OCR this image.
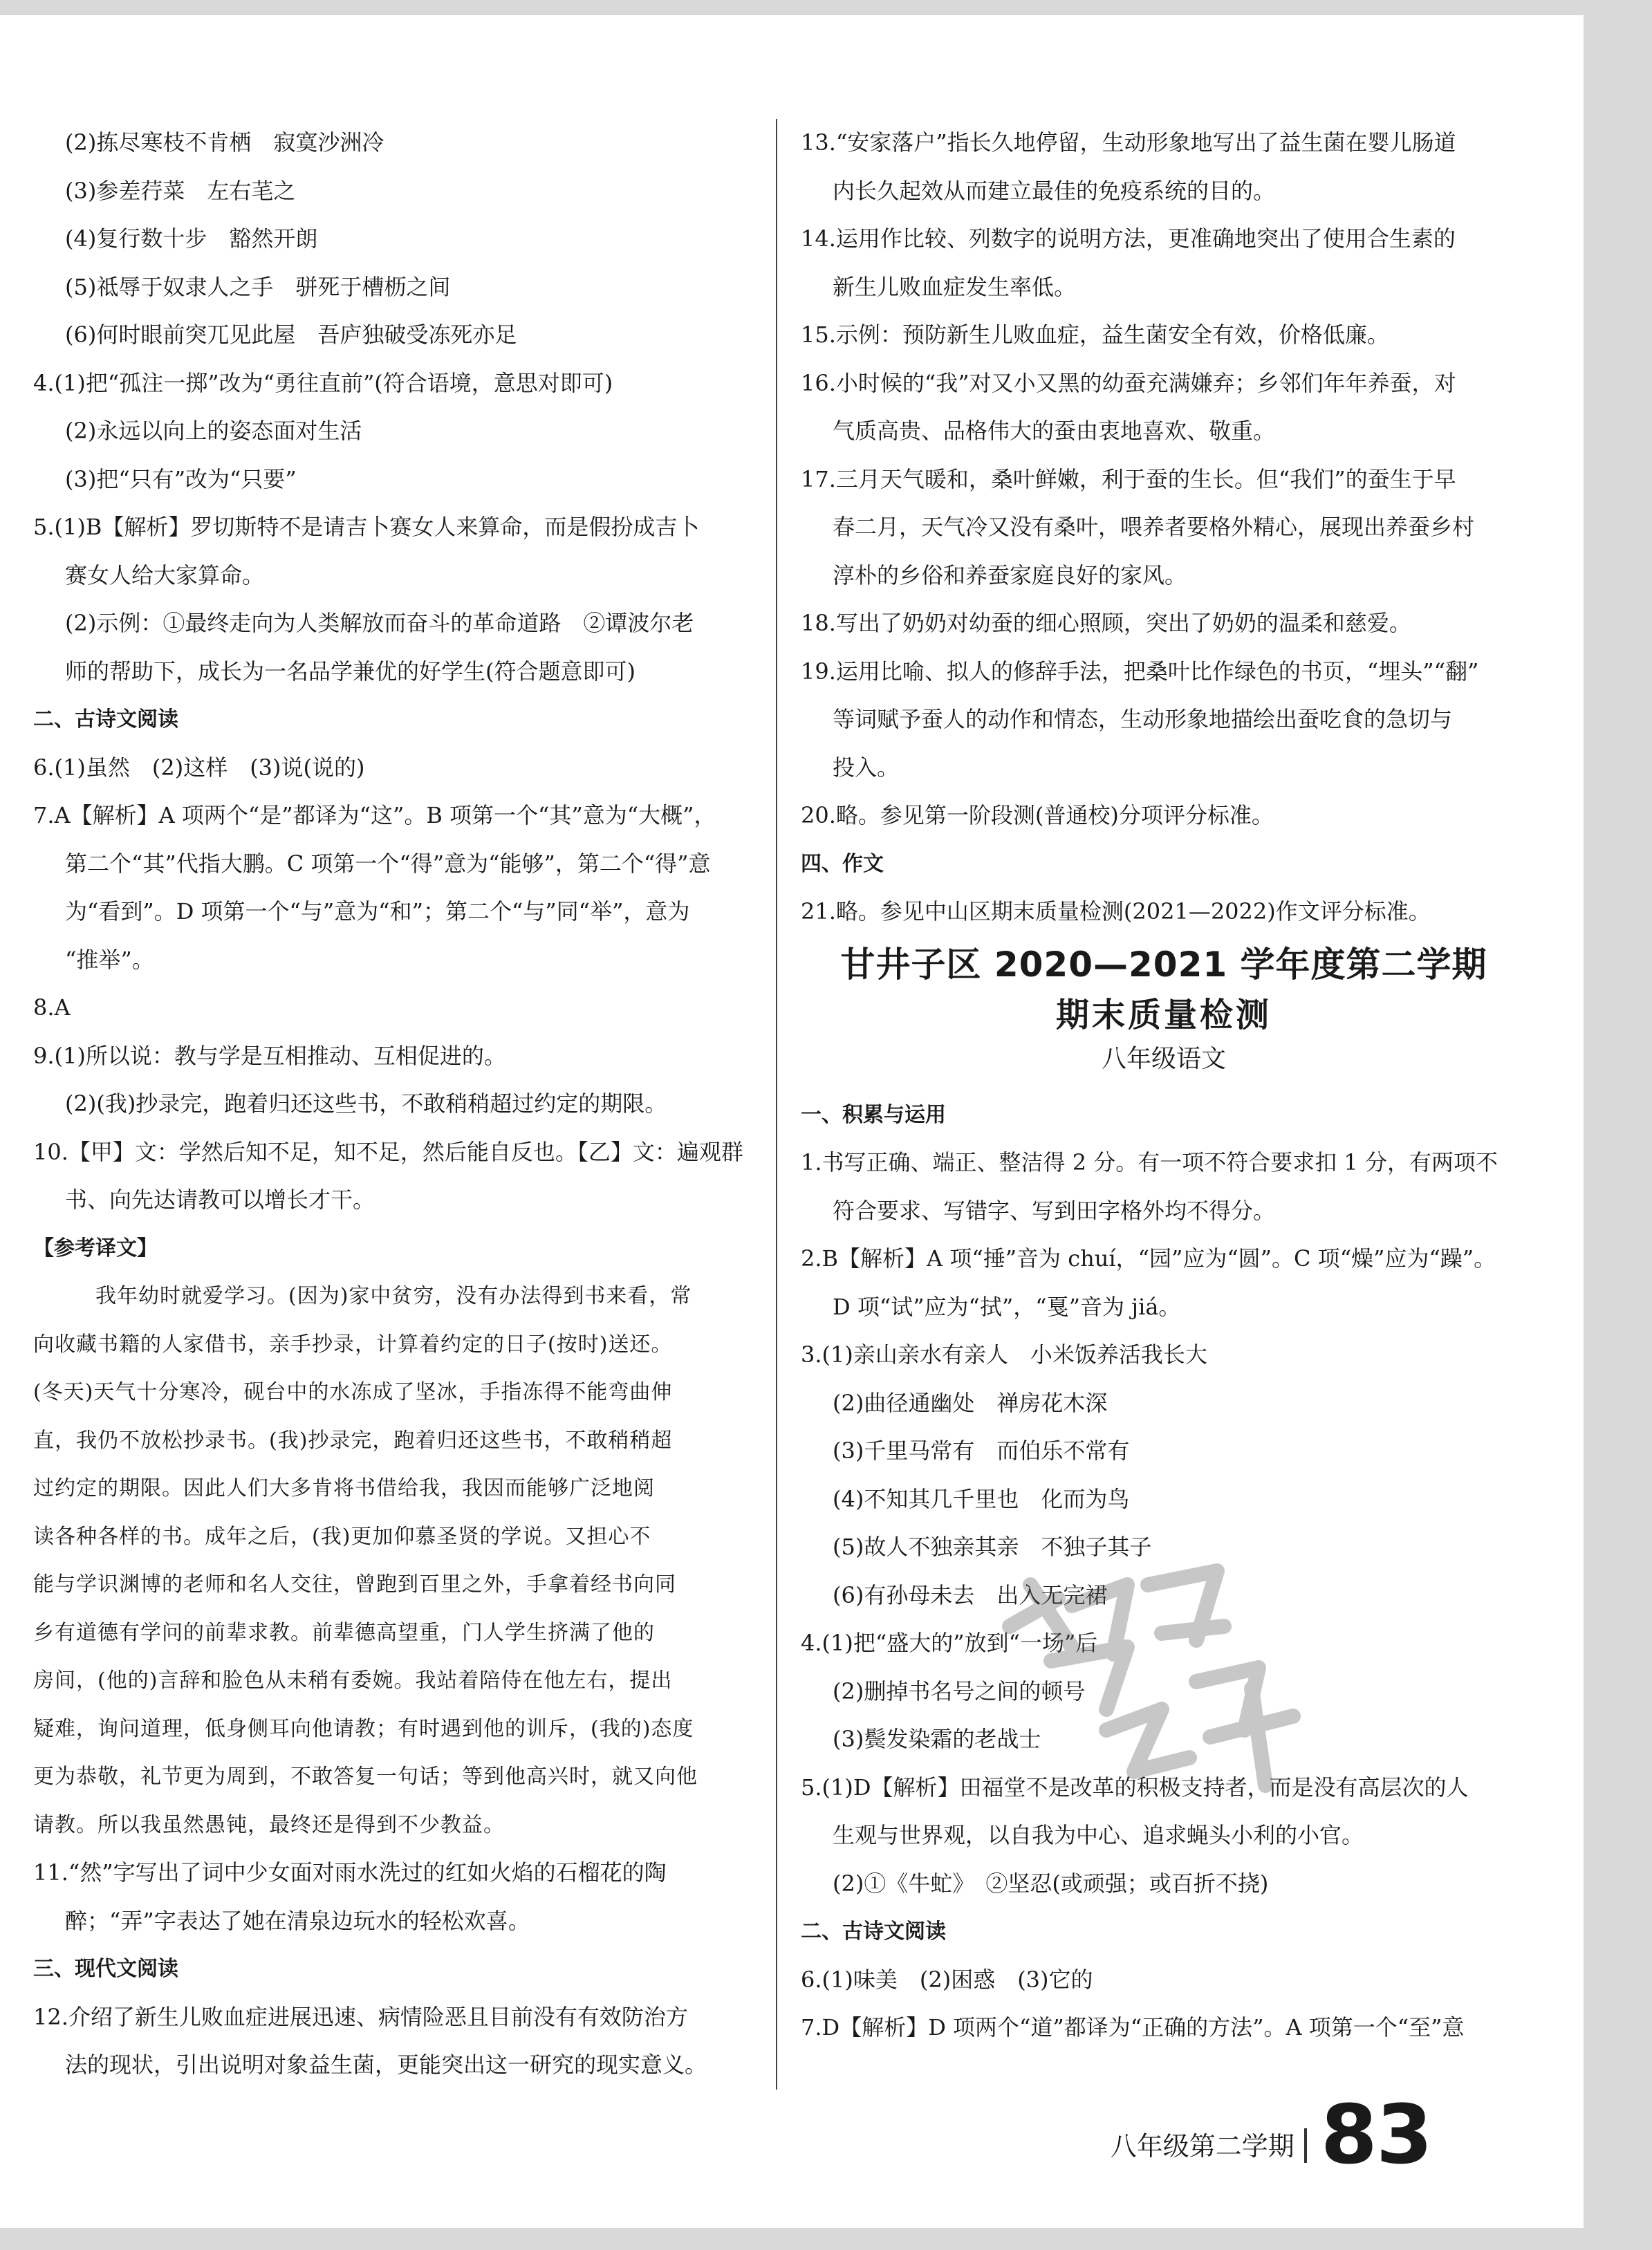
(2)拣尽寒枝不肯栖　寂寞沙洲冷
(3)参差荇菜　左右芼之
(4)复行数十步　豁然开朗
(5)祗辱于奴隶人之手　骈死于槽枥之间
(6)何时眼前突兀见此屋　吾庐独破受冻死亦足
4.(1)把“孤注一掷”改为“勇往直前”(符合语境，意思对即可)
(2)永远以向上的姿态面对生活
(3)把“只有”改为“只要”
5.(1)B【解析】罗切斯特不是请吉卜赛女人来算命，而是假扮成吉卜
赛女人给大家算命。
(2)示例：①最终走向为人类解放而奋斗的革命道路　②谭波尔老
师的帮助下，成长为一名品学兼优的好学生(符合题意即可)
二、古诗文阅读
6.(1)虽然　(2)这样　(3)说(说的)
7.A【解析】A 项两个“是”都译为“这”。B 项第一个“其”意为“大概”，
第二个“其”代指大鹏。C 项第一个“得”意为“能够”，第二个“得”意
为“看到”。D 项第一个“与”意为“和”；第二个“与”同“举”，意为
“推举”。
8.A
9.(1)所以说：教与学是互相推动、互相促进的。
(2)(我)抄录完，跑着归还这些书，不敢稍稍超过约定的期限。
10.【甲】文：学然后知不足，知不足，然后能自反也。【乙】文：遍观群
书、向先达请教可以增长才干。
【参考译文】
我年幼时就爱学习。(因为)家中贫穷，没有办法得到书来看，常
向收藏书籍的人家借书，亲手抄录，计算着约定的日子(按时)送还。
(冬天)天气十分寒冷，砚台中的水冻成了坚冰，手指冻得不能弯曲伸
直，我仍不放松抄录书。(我)抄录完，跑着归还这些书，不敢稍稍超
过约定的期限。因此人们大多肯将书借给我，我因而能够广泛地阅
读各种各样的书。成年之后，(我)更加仰慕圣贤的学说。又担心不
能与学识渊博的老师和名人交往，曾跑到百里之外，手拿着经书向同
乡有道德有学问的前辈求教。前辈德高望重，门人学生挤满了他的
房间，(他的)言辞和脸色从未稍有委婉。我站着陪侍在他左右，提出
疑难，询问道理，低身侧耳向他请教；有时遇到他的训斥，(我的)态度
更为恭敬，礼节更为周到，不敢答复一句话；等到他高兴时，就又向他
请教。所以我虽然愚钝，最终还是得到不少教益。
11.“然”字写出了词中少女面对雨水洗过的红如火焰的石榴花的陶
醉；“弄”字表达了她在清泉边玩水的轻松欢喜。
三、现代文阅读
12.介绍了新生儿败血症进展迅速、病情险恶且目前没有有效防治方
法的现状，引出说明对象益生菌，更能突出这一研究的现实意义。
13.“安家落户”指长久地停留，生动形象地写出了益生菌在婴儿肠道
内长久起效从而建立最佳的免疫系统的目的。
14.运用作比较、列数字的说明方法，更准确地突出了使用合生素的
新生儿败血症发生率低。
15.示例：预防新生儿败血症，益生菌安全有效，价格低廉。
16.小时候的“我”对又小又黑的幼蚕充满嫌弃；乡邻们年年养蚕，对
气质高贵、品格伟大的蚕由衷地喜欢、敬重。
17.三月天气暖和，桑叶鲜嫩，利于蚕的生长。但“我们”的蚕生于早
春二月，天气冷又没有桑叶，喂养者要格外精心，展现出养蚕乡村
淳朴的乡俗和养蚕家庭良好的家风。
18.写出了奶奶对幼蚕的细心照顾，突出了奶奶的温柔和慈爱。
19.运用比喻、拟人的修辞手法，把桑叶比作绿色的书页，“埋头”“翻”
等词赋予蚕人的动作和情态，生动形象地描绘出蚕吃食的急切与
投入。
20.略。参见第一阶段测(普通校)分项评分标准。
四、作文
21.略。参见中山区期末质量检测(2021—2022)作文评分标准。
甘井子区 2020—2021 学年度第二学期
期末质量检测
八年级语文
一、积累与运用
1.书写正确、端正、整洁得 2 分。有一项不符合要求扣 1 分，有两项不
符合要求、写错字、写到田字格外均不得分。
2.B【解析】A 项“捶”音为 chuí，“园”应为“圆”。C 项“燥”应为“躁”。
D 项“试”应为“拭”，“戛”音为 jiá。
3.(1)亲山亲水有亲人　小米饭养活我长大
(2)曲径通幽处　禅房花木深
(3)千里马常有　而伯乐不常有
(4)不知其几千里也　化而为鸟
(5)故人不独亲其亲　不独子其子
(6)有孙母未去　出入无完裙
4.(1)把“盛大的”放到“一场”后
(2)删掉书名号之间的顿号
(3)鬓发染霜的老战士
5.(1)D【解析】田福堂不是改革的积极支持者，而是没有高层次的人
生观与世界观，以自我为中心、追求蝇头小利的小官。
(2)①《牛虻》　②坚忍(或顽强；或百折不挠)
二、古诗文阅读
6.(1)味美　(2)困惑　(3)它的
7.D【解析】D 项两个“道”都译为“正确的方法”。A 项第一个“至”意
八年级第二学期 83
